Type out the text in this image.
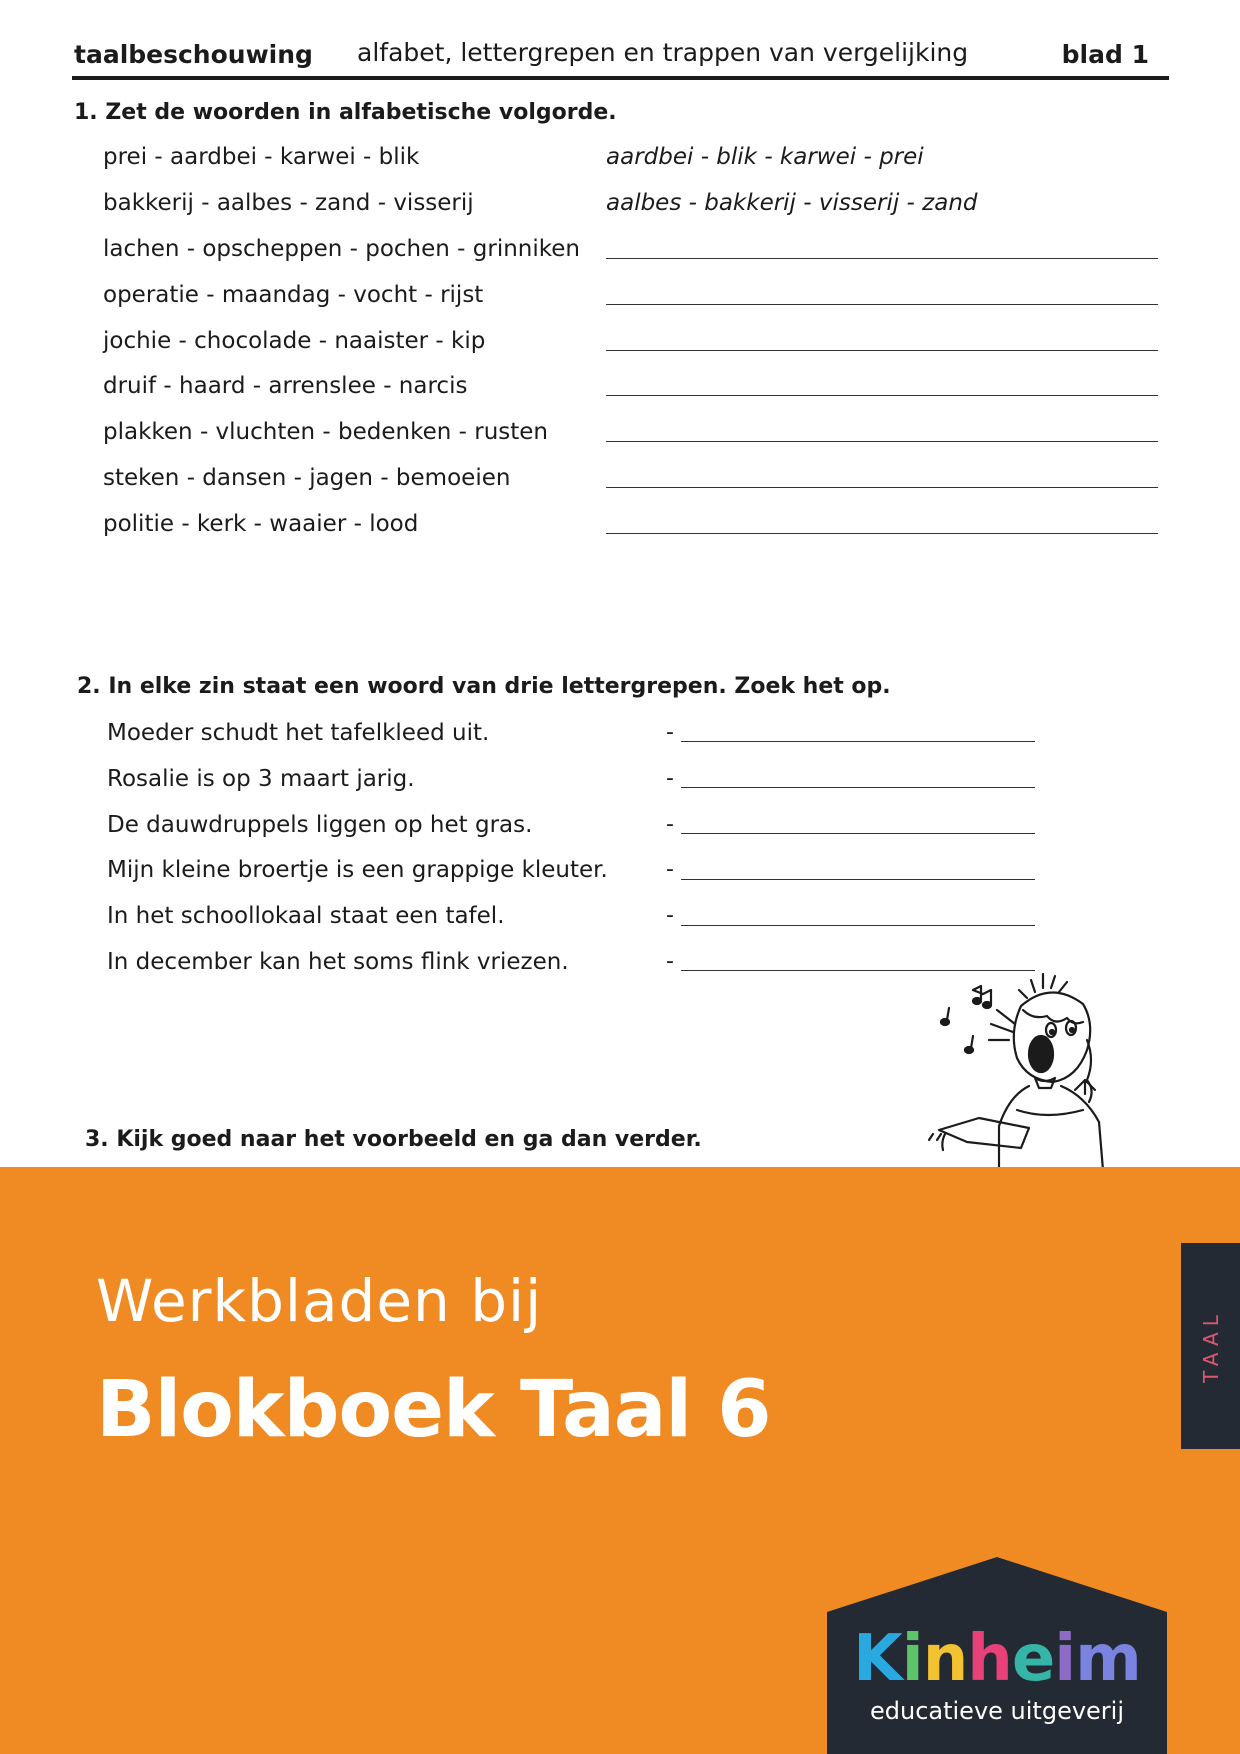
taalbeschouwing alfabet, lettergrepen en trappen van vergelijking	blad 1
1. Zet de woorden in alfabetische volgorde.
prei - aardbei - karwei - blik	aardbei - blik - karwei - prei
bakkerij - aalbes - zand - visserij	aalbes - bakkerij - visserij - zand
lachen - opscheppen - pochen - grinniken
operatie - maandag - vocht - rijst
jochie - chocolade - naaister - kip
druif - haard - arrenslee - narcis
plakken - vluchten - bedenken - rusten
steken - dansen - jagen - bemoeien
politie - kerk - waaier - lood
2. In elke zin staat een woord van drie lettergrepen. Zoek het op.
Moeder schudt het tafelkleed uit.	-
Rosalie is op 3 maart jarig.	-
De dauwdruppels liggen op het gras.	-
Mijn kleine broertje is een grappige kleuter.	-
In het schoollokaal staat een tafel.	-
In december kan het soms flink vriezen.	-
3. Kijk goed naar het voorbeeld en ga dan verder.
Werkbladen bij
Blokboek Taal 6
TAAL
Kinheim
educatieve uitgeverij
